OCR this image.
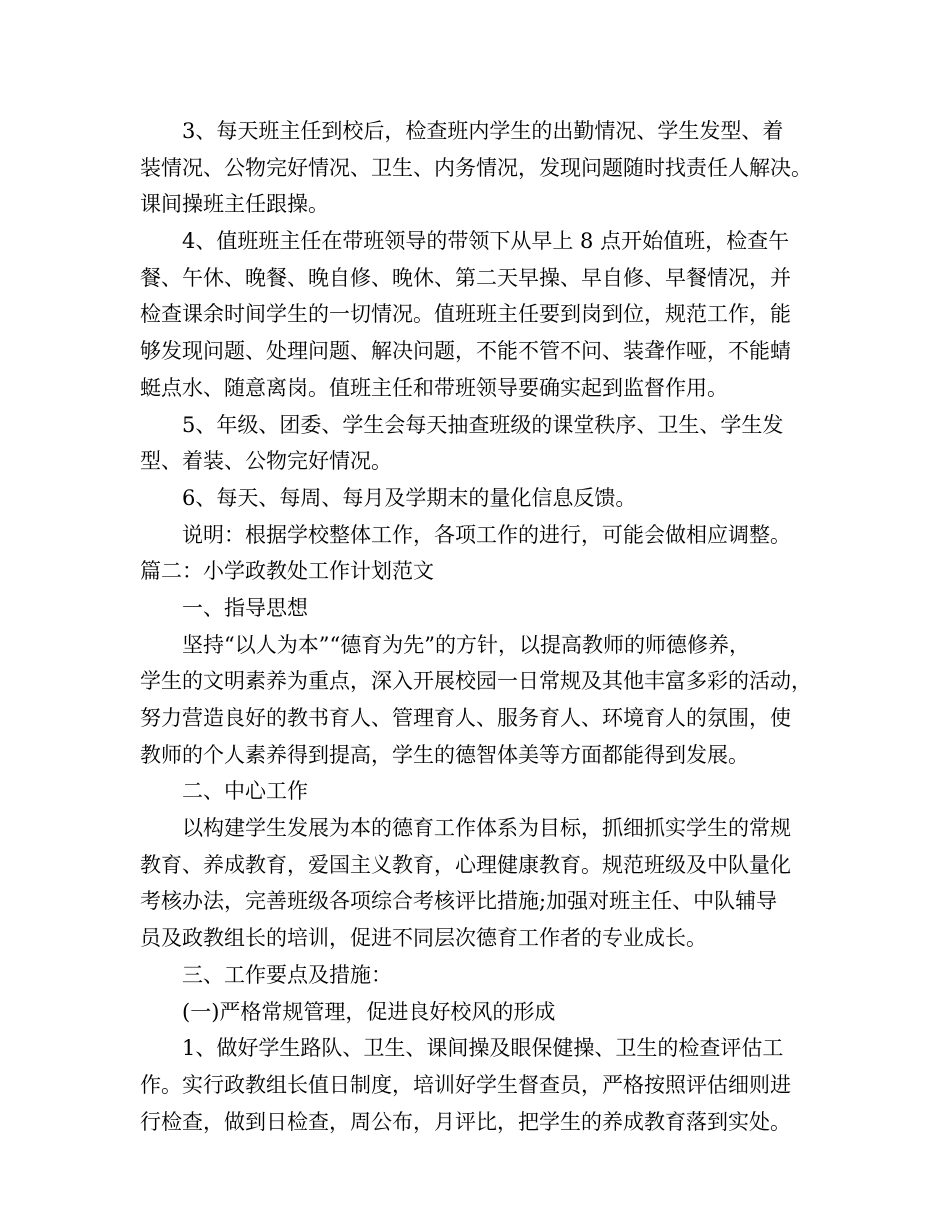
3、每天班主任到校后，检查班内学生的出勤情况、学生发型、着
装情况、公物完好情况、卫生、内务情况，发现问题随时找责任人解决。
课间操班主任跟操。
4、值班班主任在带班领导的带领下从早上 8 点开始值班，检查午
餐、午休、晚餐、晚自修、晚休、第二天早操、早自修、早餐情况，并
检查课余时间学生的一切情况。值班班主任要到岗到位，规范工作，能
够发现问题、处理问题、解决问题，不能不管不问、装聋作哑，不能蜻
蜓点水、随意离岗。值班主任和带班领导要确实起到监督作用。
5、年级、团委、学生会每天抽查班级的课堂秩序、卫生、学生发
型、着装、公物完好情况。
6、每天、每周、每月及学期末的量化信息反馈。
说明：根据学校整体工作，各项工作的进行，可能会做相应调整。
篇二：小学政教处工作计划范文
一、指导思想
坚持“以人为本”“德育为先”的方针，以提高教师的师德修养，
学生的文明素养为重点，深入开展校园一日常规及其他丰富多彩的活动，
努力营造良好的教书育人、管理育人、服务育人、环境育人的氛围，使
教师的个人素养得到提高，学生的德智体美等方面都能得到发展。
二、中心工作
以构建学生发展为本的德育工作体系为目标，抓细抓实学生的常规
教育、养成教育，爱国主义教育，心理健康教育。规范班级及中队量化
考核办法，完善班级各项综合考核评比措施;加强对班主任、中队辅导
员及政教组长的培训，促进不同层次德育工作者的专业成长。
三、工作要点及措施：
(一)严格常规管理，促进良好校风的形成
1、做好学生路队、卫生、课间操及眼保健操、卫生的检查评估工
作。实行政教组长值日制度，培训好学生督查员，严格按照评估细则进
行检查，做到日检查，周公布，月评比，把学生的养成教育落到实处。
